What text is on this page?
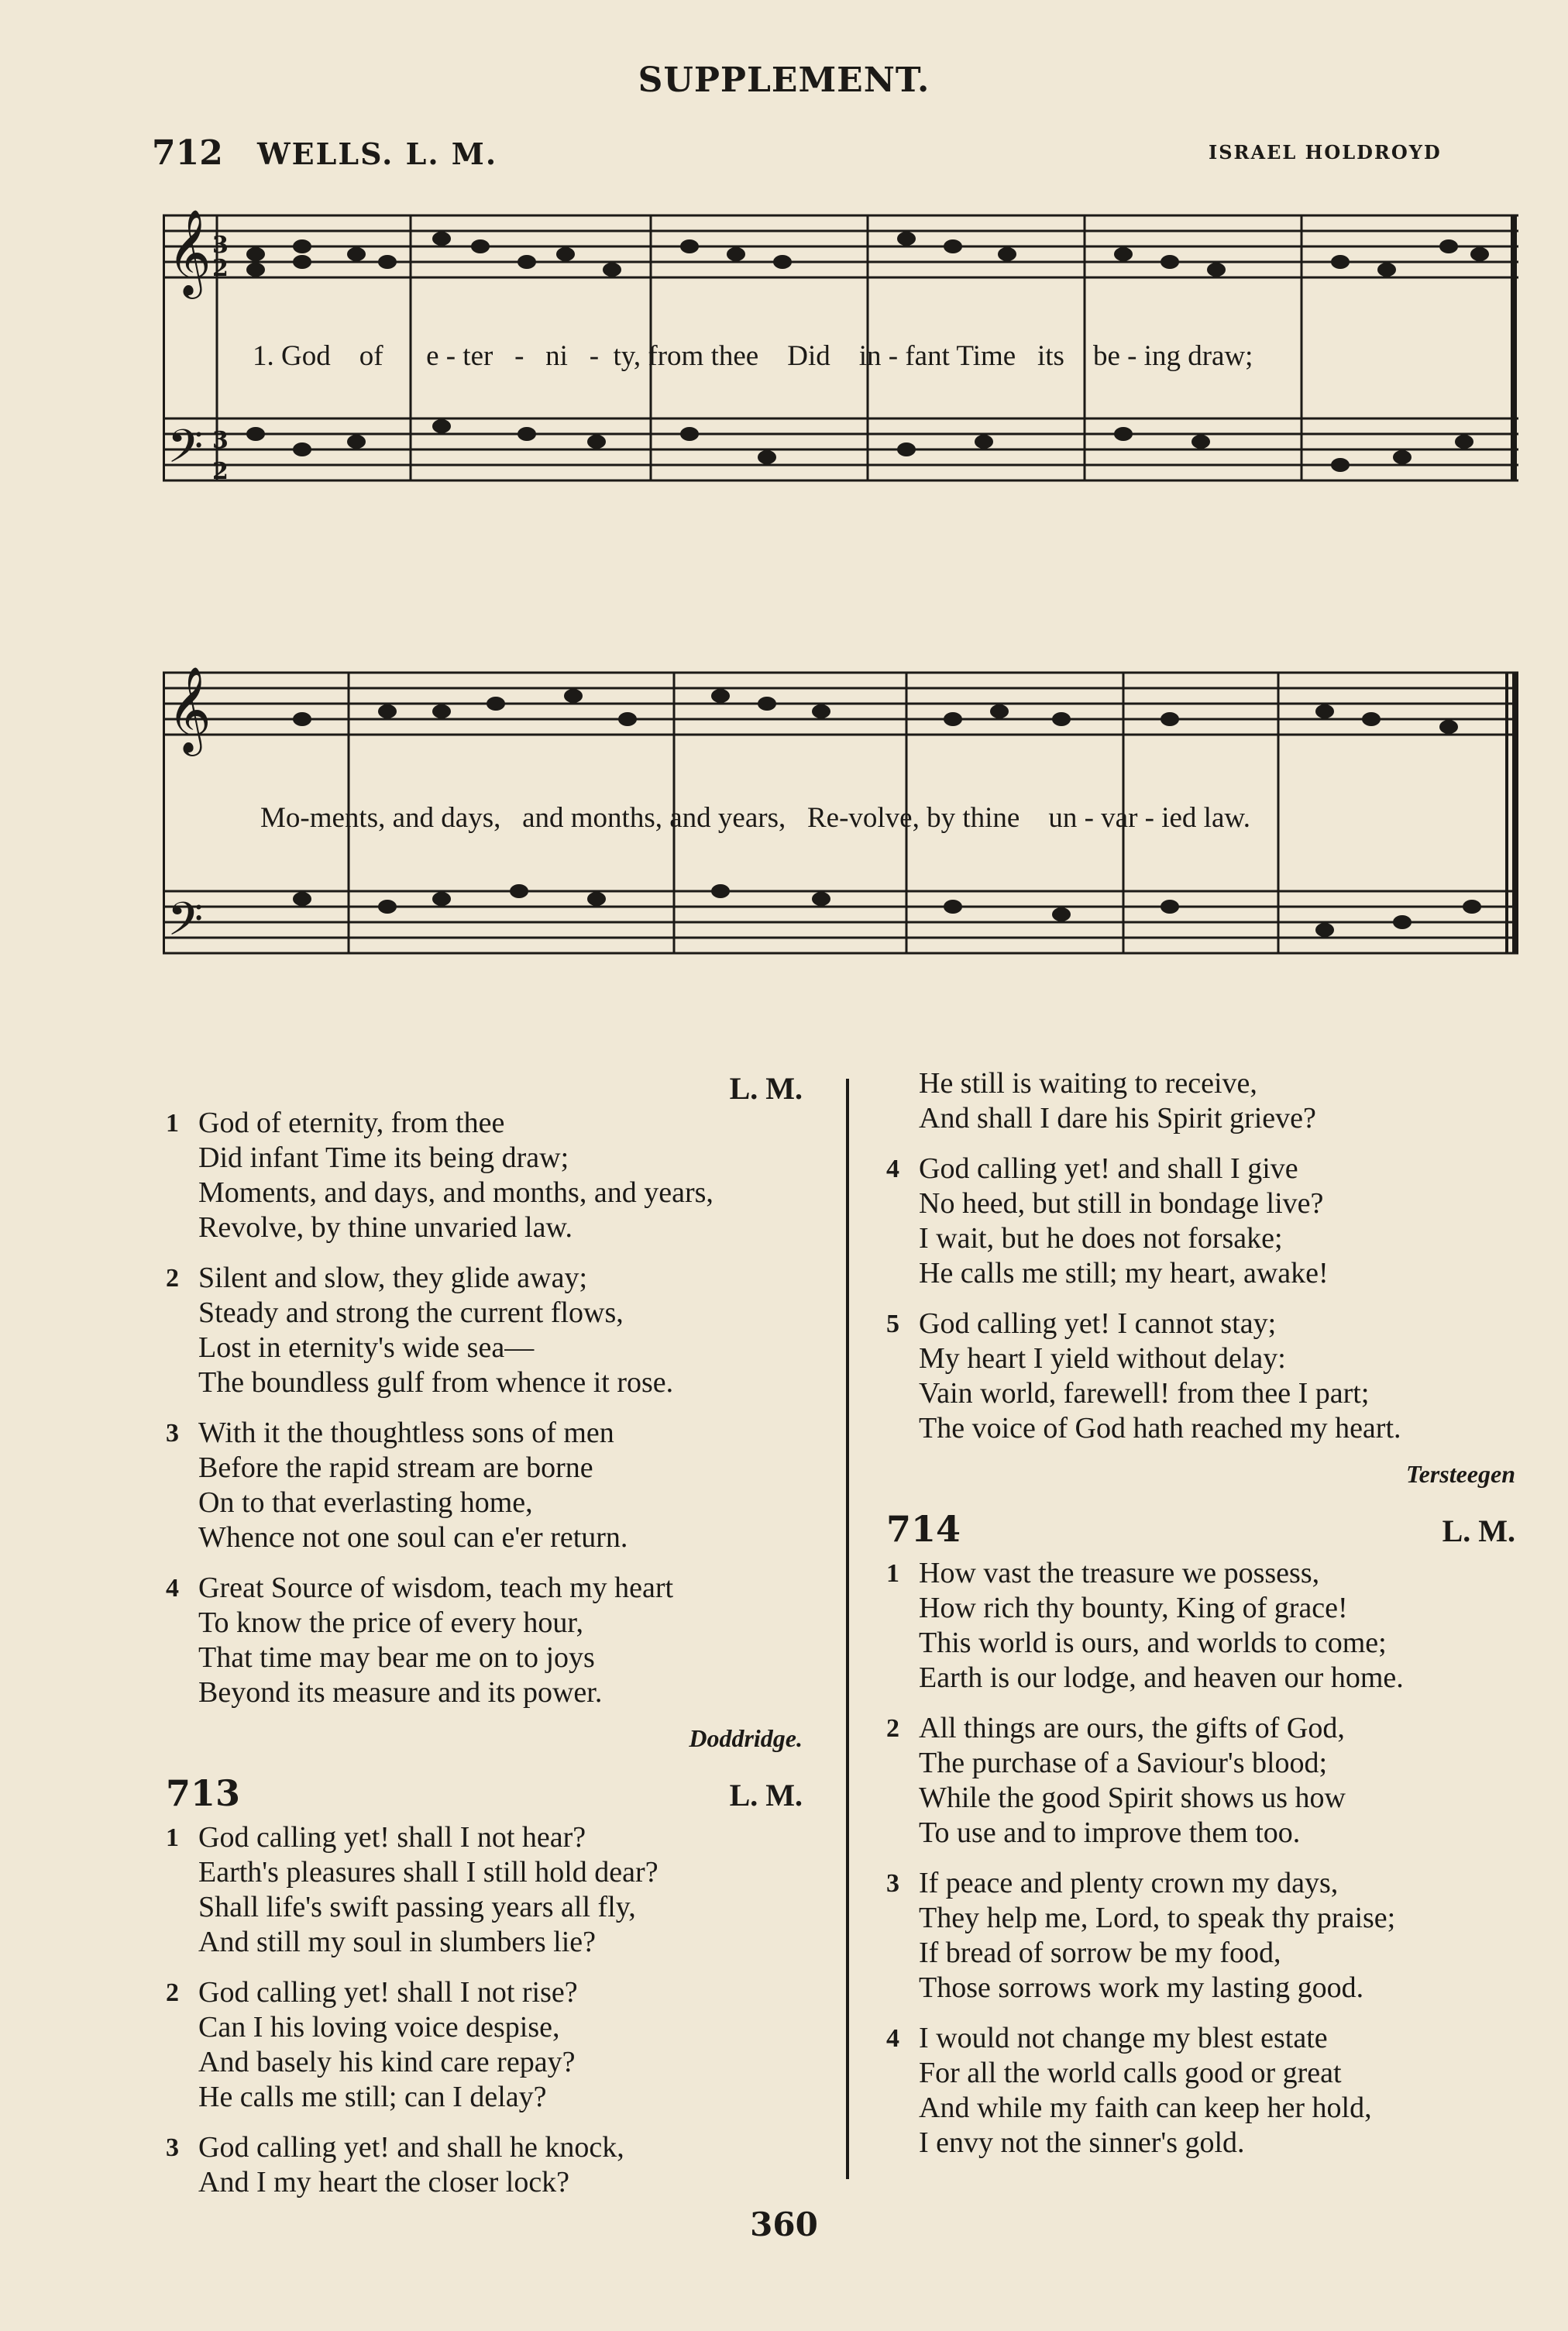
SUPPLEMENT.
712 WELLS. L. M.	ISRAEL HOLDROYD
𝄞
𝄢
3
2
3
2
1. God of e - ter - ni - ty, from thee Did in - fant Time its be - ing draw;
𝄞
𝄢
Mo-ments, and days, and months, and years, Re-volve, by thine un - var - ied law.
L. M.
1 God of eternity, from thee
Did infant Time its being draw;
Moments, and days, and months, and years,
Revolve, by thine unvaried law.
2 Silent and slow, they glide away;
Steady and strong the current flows,
Lost in eternity's wide sea—
The boundless gulf from whence it rose.
3 With it the thoughtless sons of men
Before the rapid stream are borne
On to that everlasting home,
Whence not one soul can e'er return.
4 Great Source of wisdom, teach my heart
To know the price of every hour,
That time may bear me on to joys
Beyond its measure and its power.
Doddridge.
713	L. M.
1 God calling yet! shall I not hear?
Earth's pleasures shall I still hold dear?
Shall life's swift passing years all fly,
And still my soul in slumbers lie?
2 God calling yet! shall I not rise?
Can I his loving voice despise,
And basely his kind care repay?
He calls me still; can I delay?
3 God calling yet! and shall he knock,
And I my heart the closer lock?
He still is waiting to receive,
And shall I dare his Spirit grieve?
4 God calling yet! and shall I give
No heed, but still in bondage live?
I wait, but he does not forsake;
He calls me still; my heart, awake!
5 God calling yet! I cannot stay;
My heart I yield without delay:
Vain world, farewell! from thee I part;
The voice of God hath reached my heart.
Tersteegen
714	L. M.
1 How vast the treasure we possess,
How rich thy bounty, King of grace!
This world is ours, and worlds to come;
Earth is our lodge, and heaven our home.
2 All things are ours, the gifts of God,
The purchase of a Saviour's blood;
While the good Spirit shows us how
To use and to improve them too.
3 If peace and plenty crown my days,
They help me, Lord, to speak thy praise;
If bread of sorrow be my food,
Those sorrows work my lasting good.
4 I would not change my blest estate
For all the world calls good or great
And while my faith can keep her hold,
I envy not the sinner's gold.
360
